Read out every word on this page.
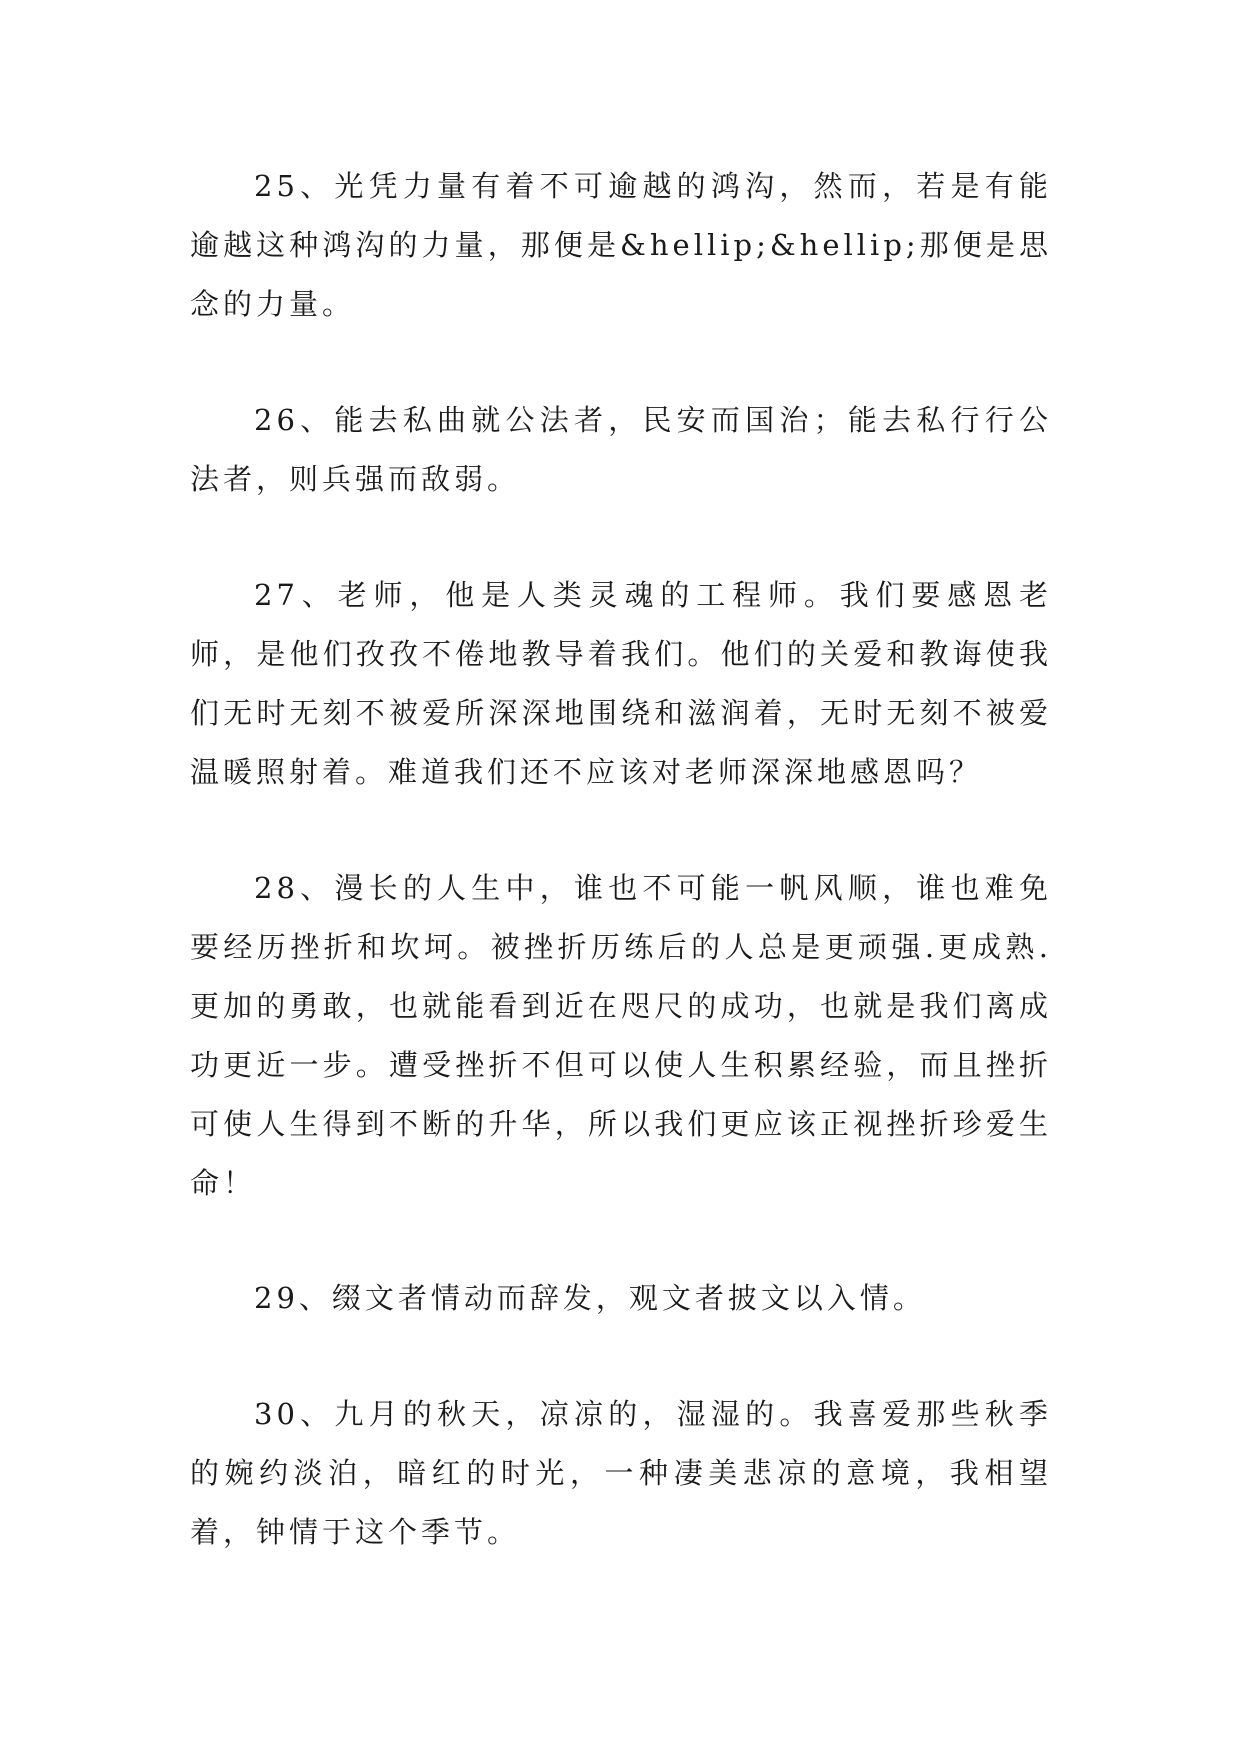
25、光凭力量有着不可逾越的鸿沟，然而，若是有能逾越这种鸿沟的力量，那便是&hellip;&hellip;那便是思念的力量。

26、能去私曲就公法者，民安而国治；能去私行行公法者，则兵强而敌弱。

27、老师，他是人类灵魂的工程师。我们要感恩老师，是他们孜孜不倦地教导着我们。他们的关爱和教诲使我们无时无刻不被爱所深深地围绕和滋润着，无时无刻不被爱温暖照射着。难道我们还不应该对老师深深地感恩吗？

28、漫长的人生中，谁也不可能一帆风顺，谁也难免要经历挫折和坎坷。被挫折历练后的人总是更顽强.更成熟.更加的勇敢，也就能看到近在咫尺的成功，也就是我们离成功更近一步。遭受挫折不但可以使人生积累经验，而且挫折可使人生得到不断的升华，所以我们更应该正视挫折珍爱生命！

29、缀文者情动而辞发，观文者披文以入情。

30、九月的秋天，凉凉的，湿湿的。我喜爱那些秋季的婉约淡泊，暗红的时光，一种凄美悲凉的意境，我相望着，钟情于这个季节。
